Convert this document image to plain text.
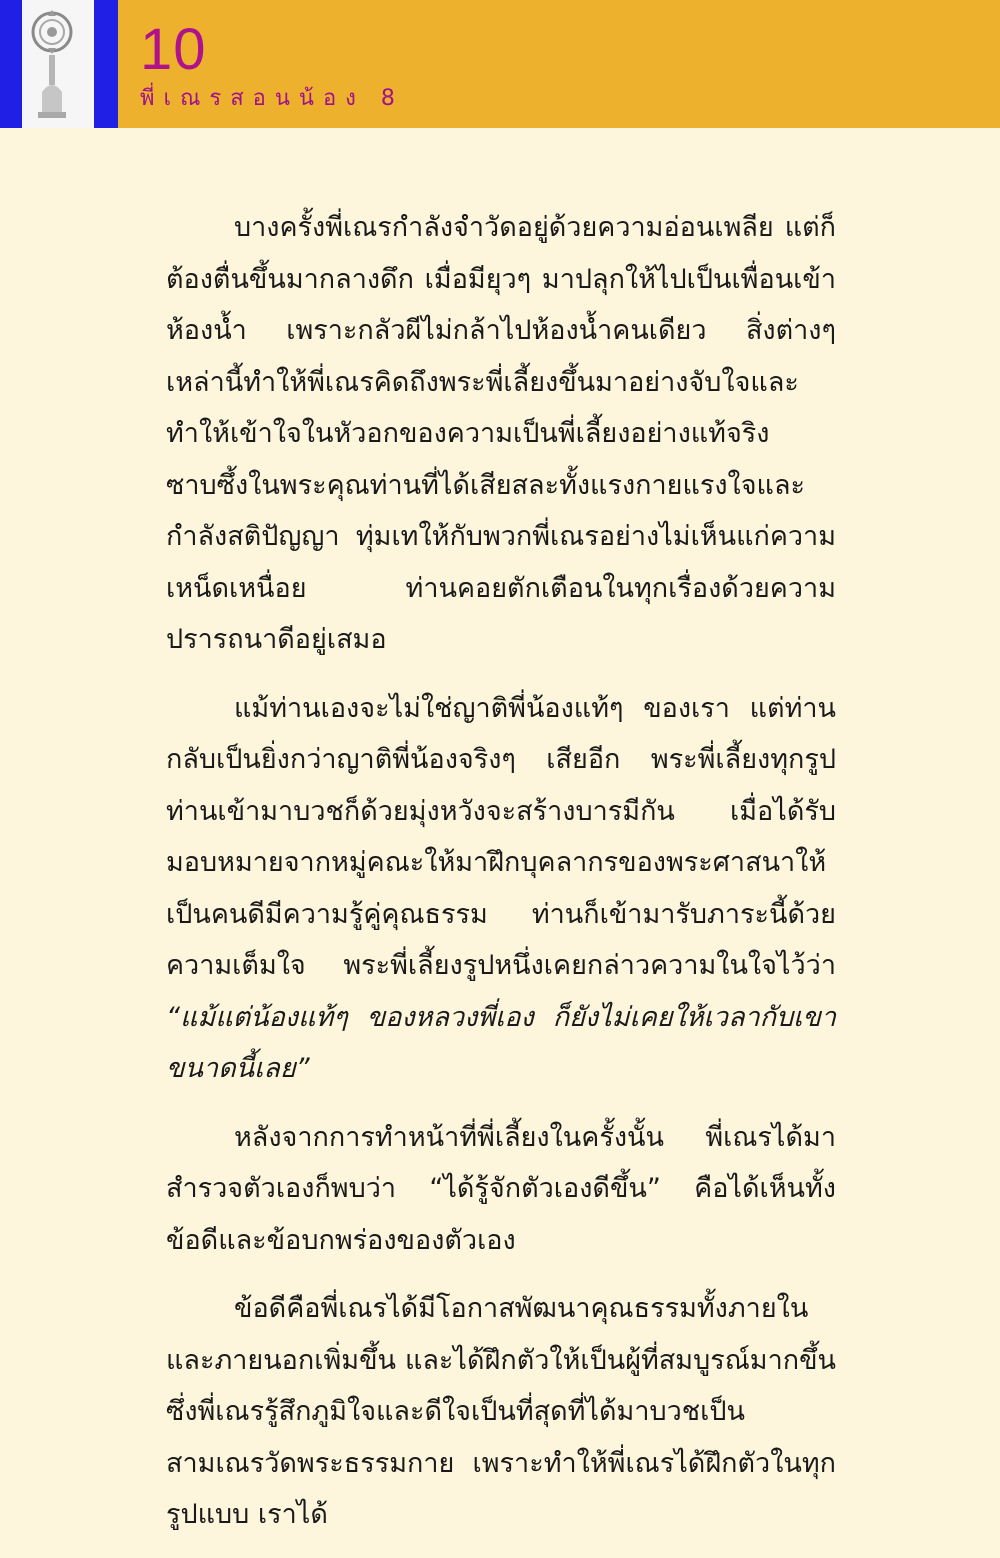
10
พี่เณรสอนน้อง 8

บางครั้งพี่เณรกำลังจำวัดอยู่ด้วยความอ่อนเพลีย แต่ก็ต้องตื่นขึ้นมากลางดึก เมื่อมียุวๆ มาปลุกให้ไปเป็นเพื่อนเข้าห้องน้ำ เพราะกลัวผีไม่กล้าไปห้องน้ำคนเดียว สิ่งต่างๆ เหล่านี้ทำให้พี่เณรคิดถึงพระพี่เลี้ยงขึ้นมาอย่างจับใจและทำให้เข้าใจในหัวอกของความเป็นพี่เลี้ยงอย่างแท้จริง ซาบซึ้งในพระคุณท่านที่ได้เสียสละทั้งแรงกายแรงใจและกำลังสติปัญญา ทุ่มเทให้กับพวกพี่เณรอย่างไม่เห็นแก่ความเหน็ดเหนื่อย ท่านคอยตักเตือนในทุกเรื่องด้วยความปรารถนาดีอยู่เสมอ

แม้ท่านเองจะไม่ใช่ญาติพี่น้องแท้ๆ ของเรา แต่ท่านกลับเป็นยิ่งกว่าญาติพี่น้องจริงๆ เสียอีก พระพี่เลี้ยงทุกรูปท่านเข้ามาบวชก็ด้วยมุ่งหวังจะสร้างบารมีกัน เมื่อได้รับมอบหมายจากหมู่คณะให้มาฝึกบุคลากรของพระศาสนาให้เป็นคนดีมีความรู้คู่คุณธรรม ท่านก็เข้ามารับภาระนี้ด้วยความเต็มใจ พระพี่เลี้ยงรูปหนึ่งเคยกล่าวความในใจไว้ว่า “แม้แต่น้องแท้ๆ ของหลวงพี่เอง ก็ยังไม่เคยให้เวลากับเขาขนาดนี้เลย”

หลังจากการทำหน้าที่พี่เลี้ยงในครั้งนั้น พี่เณรได้มาสำรวจตัวเองก็พบว่า “ได้รู้จักตัวเองดีขึ้น” คือได้เห็นทั้งข้อดีและข้อบกพร่องของตัวเอง

ข้อดีคือพี่เณรได้มีโอกาสพัฒนาคุณธรรมทั้งภายในและภายนอกเพิ่มขึ้น และได้ฝึกตัวให้เป็นผู้ที่สมบูรณ์มากขึ้น ซึ่งพี่เณรรู้สึกภูมิใจและดีใจเป็นที่สุดที่ได้มาบวชเป็นสามเณรวัดพระธรรมกาย เพราะทำให้พี่เณรได้ฝึกตัวในทุกรูปแบบ เราได้
